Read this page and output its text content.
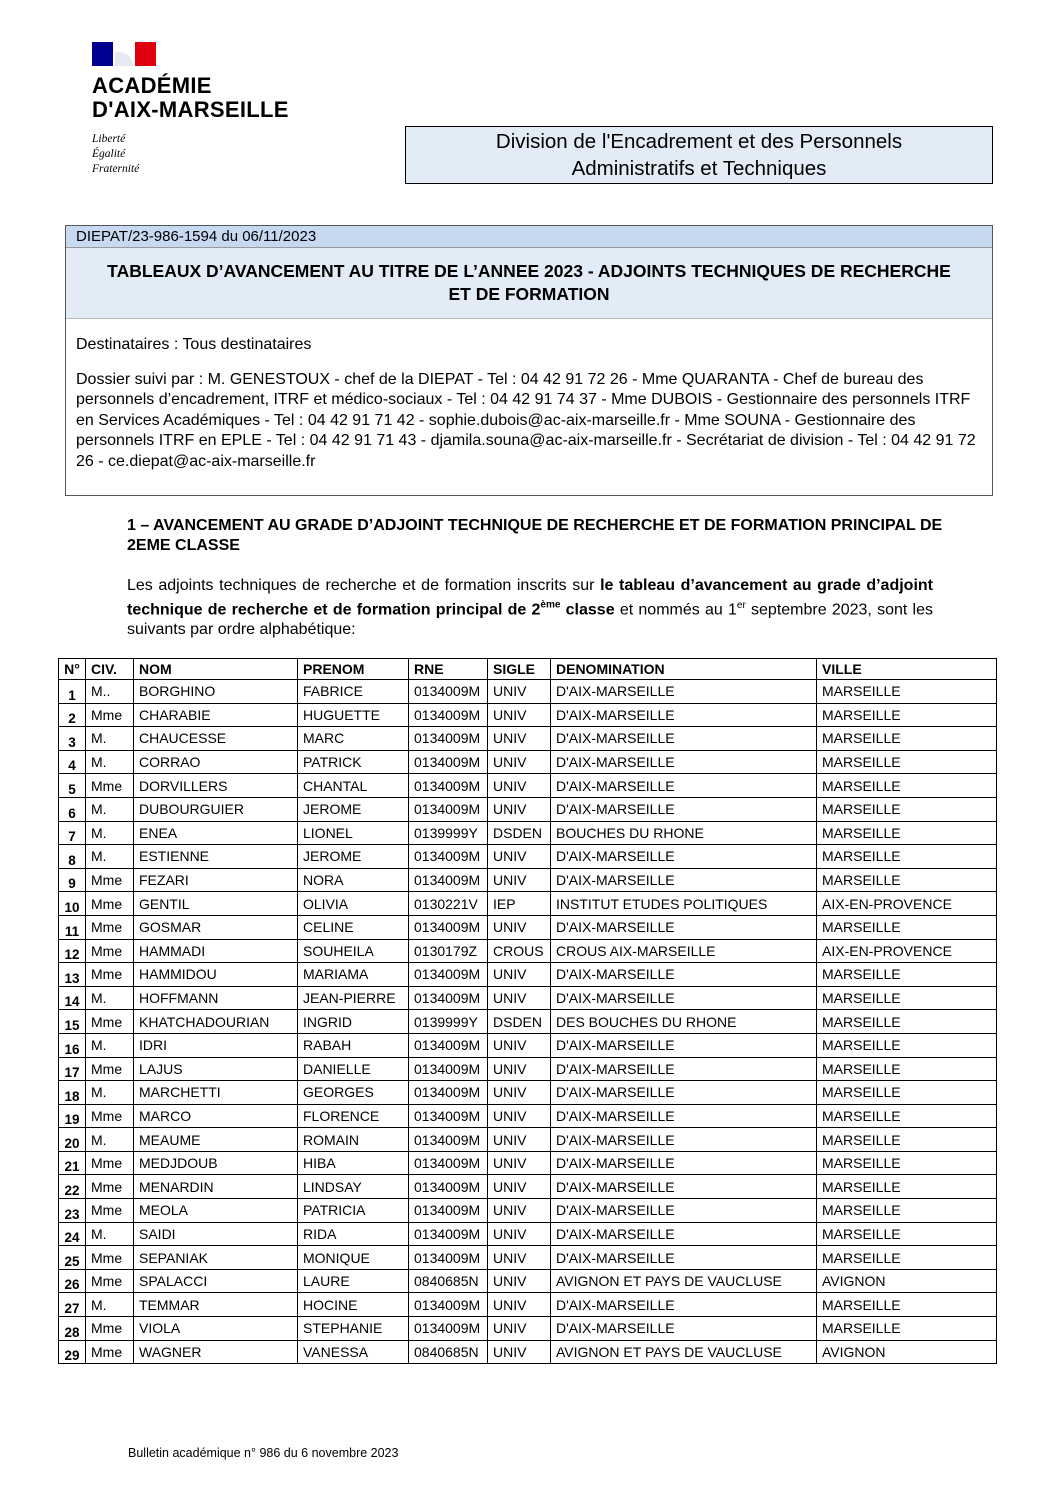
ACADÉMIE
D'AIX-MARSEILLE
Liberté
Égalité
Fraternité
Division de l'Encadrement et des Personnels
Administratifs et Techniques
DIEPAT/23-986-1594 du 06/11/2023
TABLEAUX D’AVANCEMENT AU TITRE DE L’ANNEE 2023 - ADJOINTS TECHNIQUES DE RECHERCHE ET DE FORMATION
Destinataires : Tous destinataires
Dossier suivi par : M. GENESTOUX - chef de la DIEPAT - Tel : 04 42 91 72 26 - Mme QUARANTA - Chef de bureau des personnels d’encadrement, ITRF et médico-sociaux - Tel : 04 42 91 74 37 - Mme DUBOIS - Gestionnaire des personnels ITRF en Services Académiques - Tel : 04 42 91 71 42 - sophie.dubois@ac-aix-marseille.fr - Mme SOUNA - Gestionnaire des personnels ITRF en EPLE - Tel : 04 42 91 71 43 - djamila.souna@ac-aix-marseille.fr - Secrétariat de division - Tel : 04 42 91 72 26 - ce.diepat@ac-aix-marseille.fr
1 – AVANCEMENT AU GRADE D’ADJOINT TECHNIQUE DE RECHERCHE ET DE FORMATION PRINCIPAL DE 2EME CLASSE
Les adjoints techniques de recherche et de formation inscrits sur le tableau d’avancement au grade d’adjoint technique de recherche et de formation principal de 2ème classe et nommés au 1er septembre 2023, sont les suivants par ordre alphabétique:
N°	CIV.	NOM	PRENOM	RNE	SIGLE	DENOMINATION	VILLE
1	M..	BORGHINO	FABRICE	0134009M	UNIV	D'AIX-MARSEILLE	MARSEILLE
2	Mme	CHARABIE	HUGUETTE	0134009M	UNIV	D'AIX-MARSEILLE	MARSEILLE
3	M.	CHAUCESSE	MARC	0134009M	UNIV	D'AIX-MARSEILLE	MARSEILLE
4	M.	CORRAO	PATRICK	0134009M	UNIV	D'AIX-MARSEILLE	MARSEILLE
5	Mme	DORVILLERS	CHANTAL	0134009M	UNIV	D'AIX-MARSEILLE	MARSEILLE
6	M.	DUBOURGUIER	JEROME	0134009M	UNIV	D'AIX-MARSEILLE	MARSEILLE
7	M.	ENEA	LIONEL	0139999Y	DSDEN	BOUCHES DU RHONE	MARSEILLE
8	M.	ESTIENNE	JEROME	0134009M	UNIV	D'AIX-MARSEILLE	MARSEILLE
9	Mme	FEZARI	NORA	0134009M	UNIV	D'AIX-MARSEILLE	MARSEILLE
10	Mme	GENTIL	OLIVIA	0130221V	IEP	INSTITUT ETUDES POLITIQUES	AIX-EN-PROVENCE
11	Mme	GOSMAR	CELINE	0134009M	UNIV	D'AIX-MARSEILLE	MARSEILLE
12	Mme	HAMMADI	SOUHEILA	0130179Z	CROUS	CROUS AIX-MARSEILLE	AIX-EN-PROVENCE
13	Mme	HAMMIDOU	MARIAMA	0134009M	UNIV	D'AIX-MARSEILLE	MARSEILLE
14	M.	HOFFMANN	JEAN-PIERRE	0134009M	UNIV	D'AIX-MARSEILLE	MARSEILLE
15	Mme	KHATCHADOURIAN	INGRID	0139999Y	DSDEN	DES BOUCHES DU RHONE	MARSEILLE
16	M.	IDRI	RABAH	0134009M	UNIV	D'AIX-MARSEILLE	MARSEILLE
17	Mme	LAJUS	DANIELLE	0134009M	UNIV	D'AIX-MARSEILLE	MARSEILLE
18	M.	MARCHETTI	GEORGES	0134009M	UNIV	D'AIX-MARSEILLE	MARSEILLE
19	Mme	MARCO	FLORENCE	0134009M	UNIV	D'AIX-MARSEILLE	MARSEILLE
20	M.	MEAUME	ROMAIN	0134009M	UNIV	D'AIX-MARSEILLE	MARSEILLE
21	Mme	MEDJDOUB	HIBA	0134009M	UNIV	D'AIX-MARSEILLE	MARSEILLE
22	Mme	MENARDIN	LINDSAY	0134009M	UNIV	D'AIX-MARSEILLE	MARSEILLE
23	Mme	MEOLA	PATRICIA	0134009M	UNIV	D'AIX-MARSEILLE	MARSEILLE
24	M.	SAIDI	RIDA	0134009M	UNIV	D'AIX-MARSEILLE	MARSEILLE
25	Mme	SEPANIAK	MONIQUE	0134009M	UNIV	D'AIX-MARSEILLE	MARSEILLE
26	Mme	SPALACCI	LAURE	0840685N	UNIV	AVIGNON ET PAYS DE VAUCLUSE	AVIGNON
27	M.	TEMMAR	HOCINE	0134009M	UNIV	D'AIX-MARSEILLE	MARSEILLE
28	Mme	VIOLA	STEPHANIE	0134009M	UNIV	D'AIX-MARSEILLE	MARSEILLE
29	Mme	WAGNER	VANESSA	0840685N	UNIV	AVIGNON ET PAYS DE VAUCLUSE	AVIGNON
Bulletin académique n° 986 du 6 novembre 2023
